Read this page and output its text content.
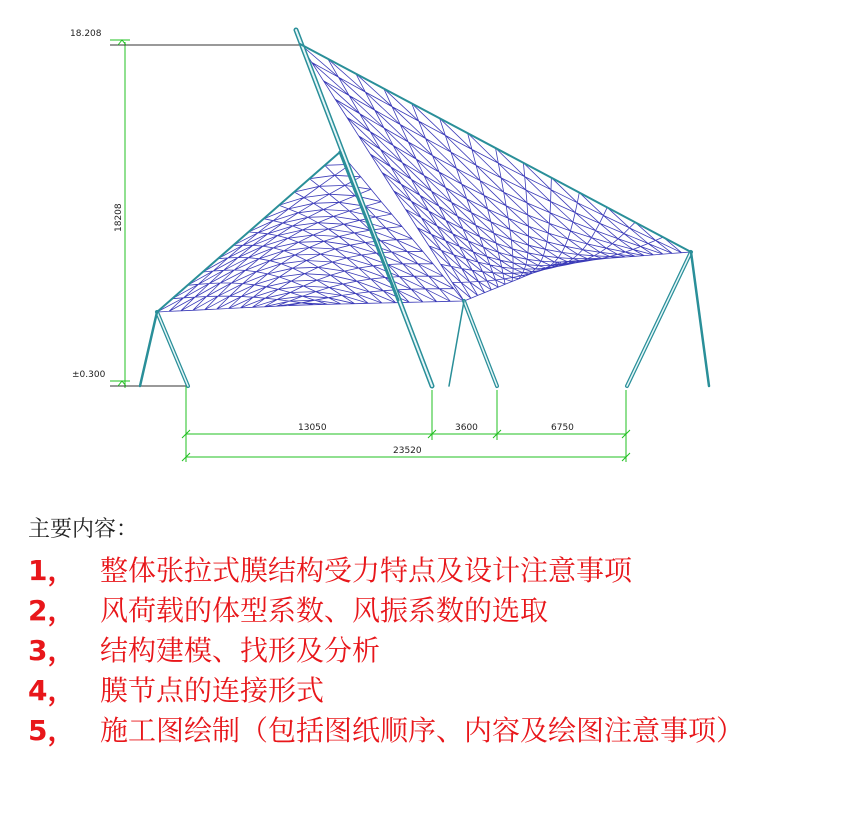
18.208
±0.300
18208
13050	3600	6750
23520

主要内容：

1， 整体张拉式膜结构受力特点及设计注意事项
2， 风荷载的体型系数、风振系数的选取
3， 结构建模、找形及分析
4， 膜节点的连接形式
5， 施工图绘制（包括图纸顺序、内容及绘图注意事项）
